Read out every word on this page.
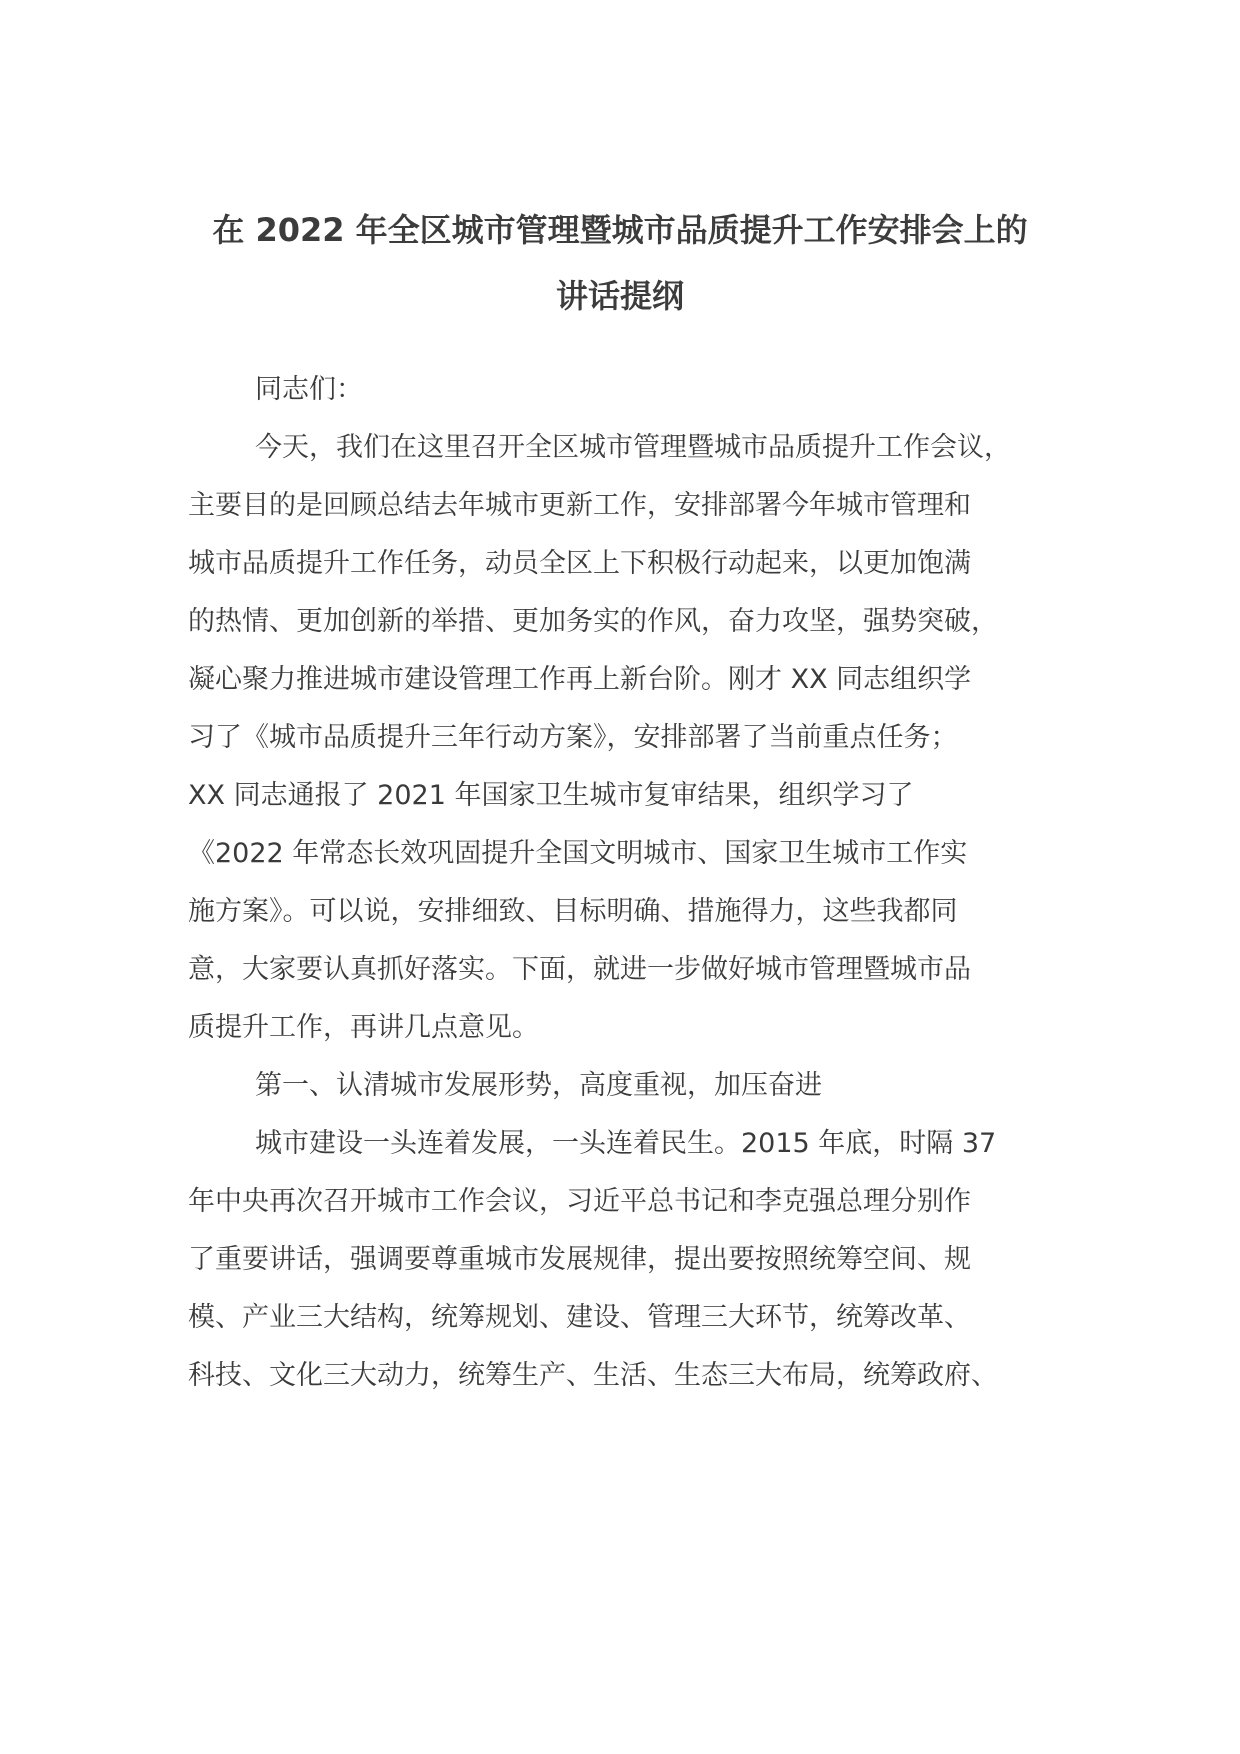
在 2022 年全区城市管理暨城市品质提升工作安排会上的
讲话提纲

同志们：

今天，我们在这里召开全区城市管理暨城市品质提升工作会议，

主要目的是回顾总结去年城市更新工作，安排部署今年城市管理和

城市品质提升工作任务，动员全区上下积极行动起来，以更加饱满

的热情、更加创新的举措、更加务实的作风，奋力攻坚，强势突破，

凝心聚力推进城市建设管理工作再上新台阶。刚才 XX 同志组织学

习了《城市品质提升三年行动方案》，安排部署了当前重点任务；

XX 同志通报了 2021 年国家卫生城市复审结果，组织学习了

《2022 年常态长效巩固提升全国文明城市、国家卫生城市工作实

施方案》。可以说，安排细致、目标明确、措施得力，这些我都同

意，大家要认真抓好落实。下面，就进一步做好城市管理暨城市品

质提升工作，再讲几点意见。

第一、认清城市发展形势，高度重视，加压奋进

城市建设一头连着发展，一头连着民生。2015 年底，时隔 37

年中央再次召开城市工作会议，习近平总书记和李克强总理分别作

了重要讲话，强调要尊重城市发展规律，提出要按照统筹空间、规

模、产业三大结构，统筹规划、建设、管理三大环节，统筹改革、

科技、文化三大动力，统筹生产、生活、生态三大布局，统筹政府、
